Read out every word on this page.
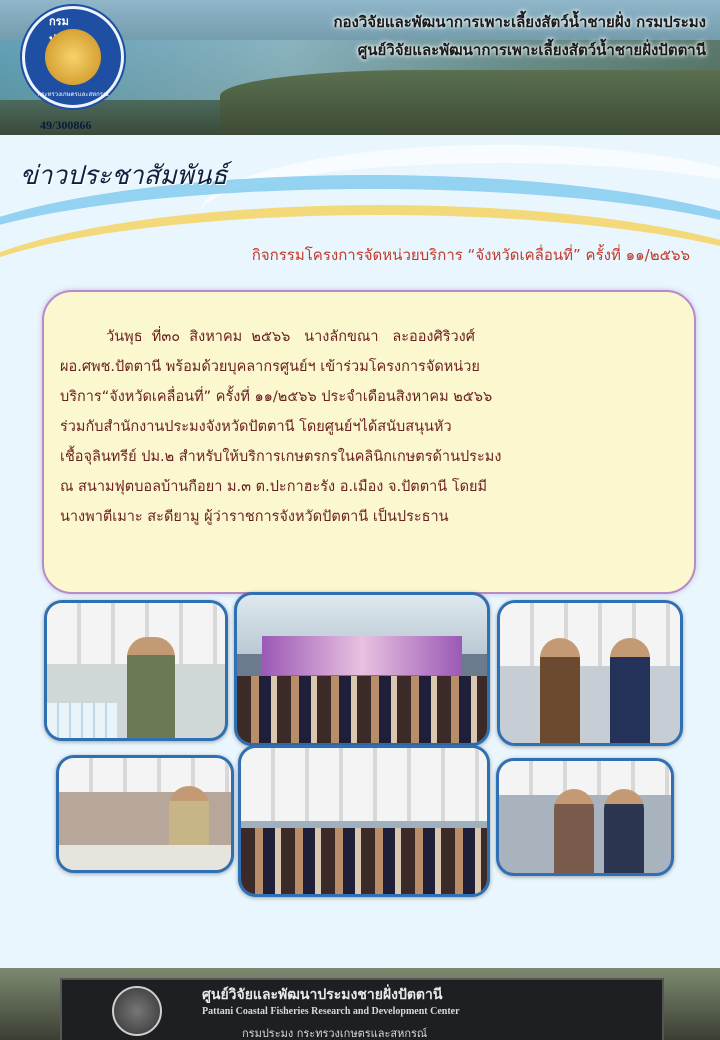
กองวิจัยและพัฒนาการเพาะเลี้ยงสัตว์น้ำชายฝั่ง กรมประมง
ศูนย์วิจัยและพัฒนาการเพาะเลี้ยงสัตว์น้ำชายฝั่งปัตตานี
กรม
กระทรวงเกษตรและสหกรณ์
49/300866
ข่าวประชาสัมพันธ์
กิจกรรมโครงการจัดหน่วยบริการ “จังหวัดเคลื่อนที่” ครั้งที่ ๑๑/๒๕๖๖

วันพุธ  ที่๓๐  สิงหาคม  ๒๕๖๖   นางลักขณา   ละอองศิริวงศ์

ผอ.ศพช.ปัตตานี พร้อมด้วยบุคลากรศูนย์ฯ เข้าร่วมโครงการจัดหน่วย

บริการ“จังหวัดเคลื่อนที่” ครั้งที่ ๑๑/๒๕๖๖ ประจำเดือนสิงหาคม ๒๕๖๖

ร่วมกับสำนักงานประมงจังหวัดปัตตานี โดยศูนย์ฯได้สนับสนุนหัว

เชื้อจุลินทรีย์ ปม.๒ สำหรับให้บริการเกษตรกรในคลินิกเกษตรด้านประมง

ณ สนามฟุตบอลบ้านกือยา ม.๓ ต.ปะกาฮะรัง อ.เมือง จ.ปัตตานี โดยมี

นางพาตีเมาะ สะดียามู ผู้ว่าราชการจังหวัดปัตตานี เป็นประธาน

ศูนย์วิจัยและพัฒนาประมงชายฝั่งปัตตานี
Pattani Coastal Fisheries Research and Development Center
กรมประมง กระทรวงเกษตรและสหกรณ์
